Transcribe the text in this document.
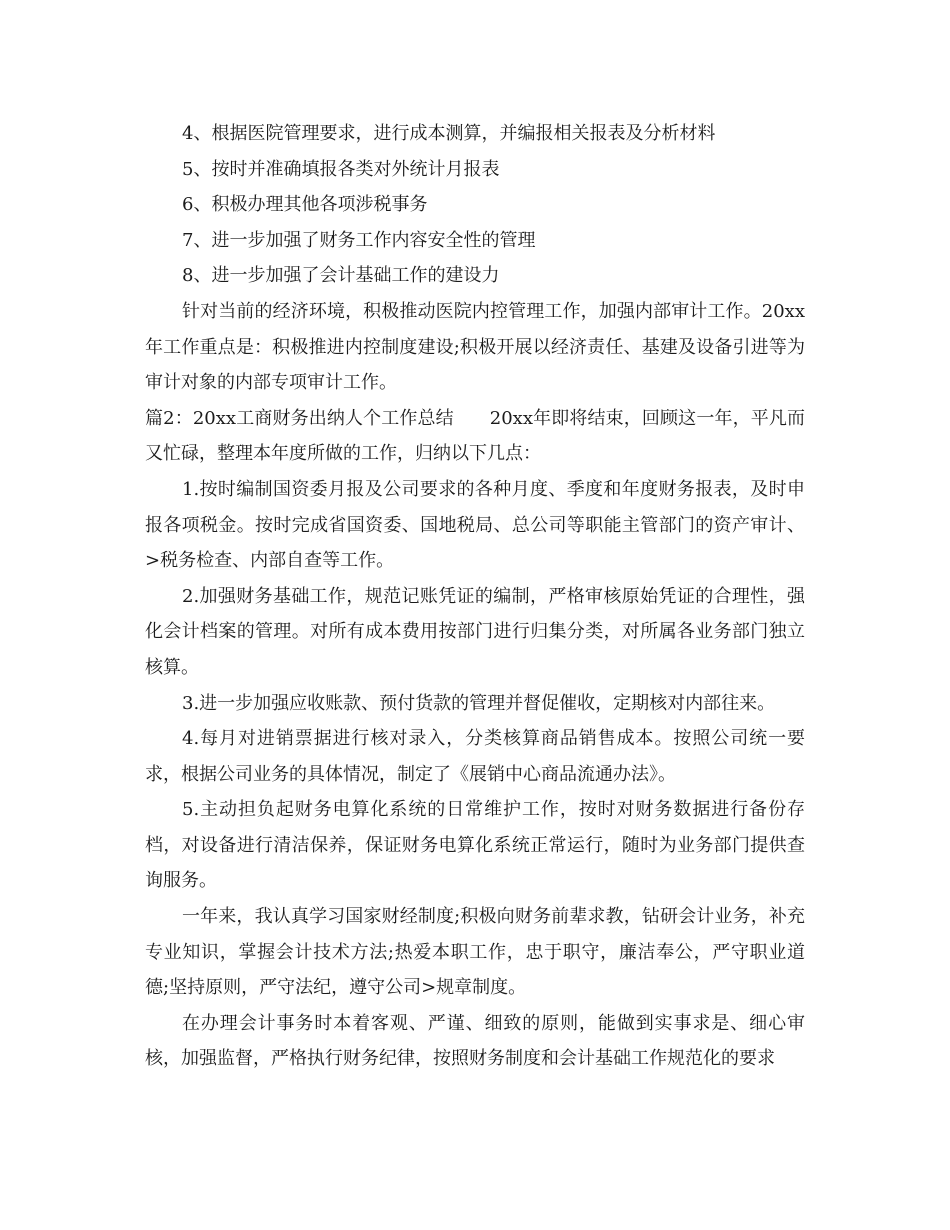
4、根据医院管理要求，进行成本测算，并编报相关报表及分析材料

5、按时并准确填报各类对外统计月报表

6、积极办理其他各项涉税事务

7、进一步加强了财务工作内容安全性的管理

8、进一步加强了会计基础工作的建设力

针对当前的经济环境，积极推动医院内控管理工作，加强内部审计工作。20xx年工作重点是：积极推进内控制度建设;积极开展以经济责任、基建及设备引进等为审计对象的内部专项审计工作。

篇2：20xx工商财务出纳人个工作总结 20xx年即将结束，回顾这一年，平凡而又忙碌，整理本年度所做的工作，归纳以下几点：

1.按时编制国资委月报及公司要求的各种月度、季度和年度财务报表，及时申报各项税金。按时完成省国资委、国地税局、总公司等职能主管部门的资产审计、>税务检查、内部自查等工作。

2.加强财务基础工作，规范记账凭证的编制，严格审核原始凭证的合理性，强化会计档案的管理。对所有成本费用按部门进行归集分类，对所属各业务部门独立核算。

3.进一步加强应收账款、预付货款的管理并督促催收，定期核对内部往来。

4.每月对进销票据进行核对录入，分类核算商品销售成本。按照公司统一要求，根据公司业务的具体情况，制定了《展销中心商品流通办法》。

5.主动担负起财务电算化系统的日常维护工作，按时对财务数据进行备份存档，对设备进行清洁保养，保证财务电算化系统正常运行，随时为业务部门提供查询服务。

一年来，我认真学习国家财经制度;积极向财务前辈求教，钻研会计业务，补充专业知识，掌握会计技术方法;热爱本职工作，忠于职守，廉洁奉公，严守职业道德;坚持原则，严守法纪，遵守公司>规章制度。

在办理会计事务时本着客观、严谨、细致的原则，能做到实事求是、细心审核，加强监督，严格执行财务纪律，按照财务制度和会计基础工作规范化的要求
